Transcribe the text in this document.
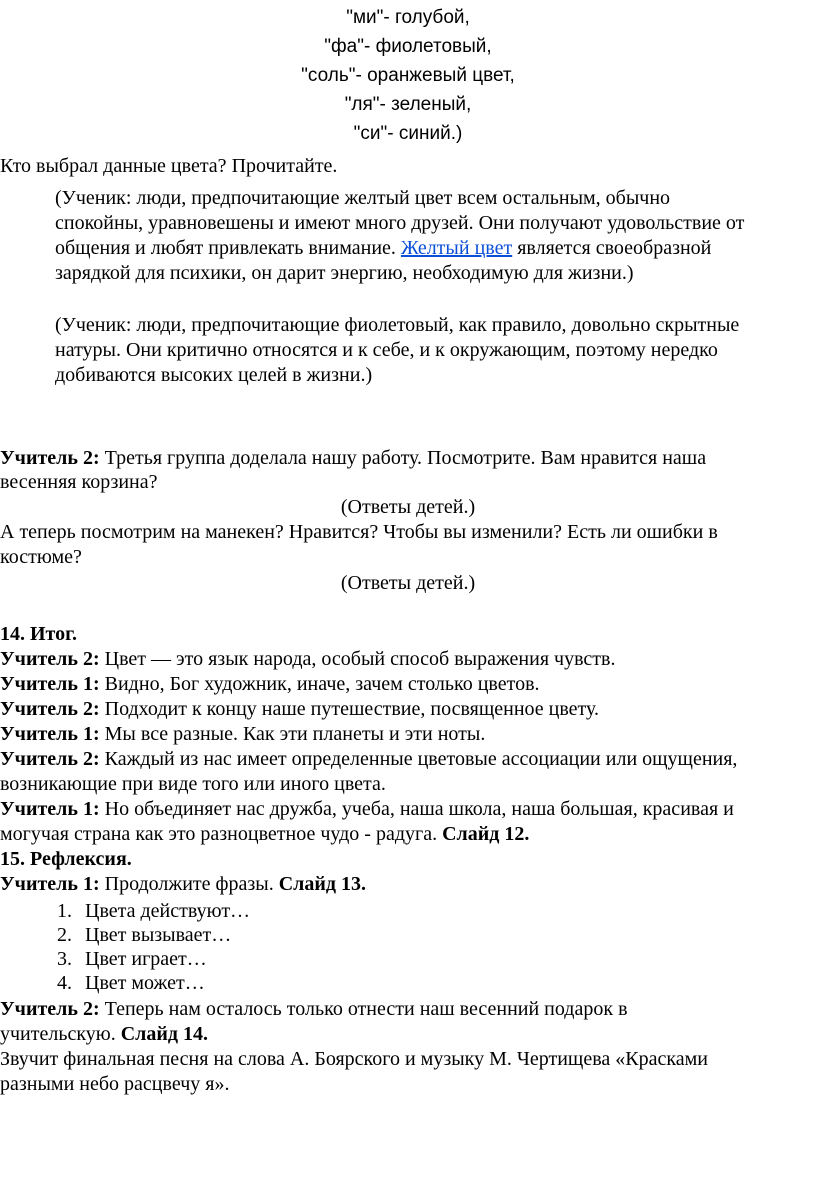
"ми"- голубой,
"фа"- фиолетовый,
"соль"- оранжевый цвет,
"ля"- зеленый,
"си"- синий.)
Кто выбрал данные цвета? Прочитайте.
(Ученик: люди, предпочитающие желтый цвет всем остальным, обычно
спокойны, уравновешены и имеют много друзей. Они получают удовольствие от
общения и любят привлекать внимание. Желтый цвет является своеобразной
зарядкой для психики, он дарит энергию, необходимую для жизни.)
(Ученик: люди, предпочитающие фиолетовый, как правило, довольно скрытные
натуры. Они критично относятся и к себе, и к окружающим, поэтому нередко
добиваются высоких целей в жизни.)
Учитель 2: Третья группа доделала нашу работу. Посмотрите. Вам нравится наша
весенняя корзина?
(Ответы детей.)
А теперь посмотрим на манекен? Нравится? Чтобы вы изменили? Есть ли ошибки в
костюме?
(Ответы детей.)
14. Итог.
Учитель 2: Цвет — это язык народа, особый способ выражения чувств.
Учитель 1: Видно, Бог художник, иначе, зачем столько цветов.
Учитель 2: Подходит к концу наше путешествие, посвященное цвету.
Учитель 1: Мы все разные. Как эти планеты и эти ноты.
Учитель 2: Каждый из нас имеет определенные цветовые ассоциации или ощущения,
возникающие при виде того или иного цвета.
Учитель 1: Но объединяет нас дружба, учеба, наша школа, наша большая, красивая и
могучая страна как это разноцветное чудо - радуга. Слайд 12.
15. Рефлексия.
Учитель 1: Продолжите фразы. Слайд 13.
1. Цвета действуют…
2. Цвет вызывает…
3. Цвет играет…
4. Цвет может…
Учитель 2: Теперь нам осталось только отнести наш весенний подарок в
учительскую. Слайд 14.
Звучит финальная песня на слова А. Боярского и музыку М. Чертищева «Красками
разными небо расцвечу я».
